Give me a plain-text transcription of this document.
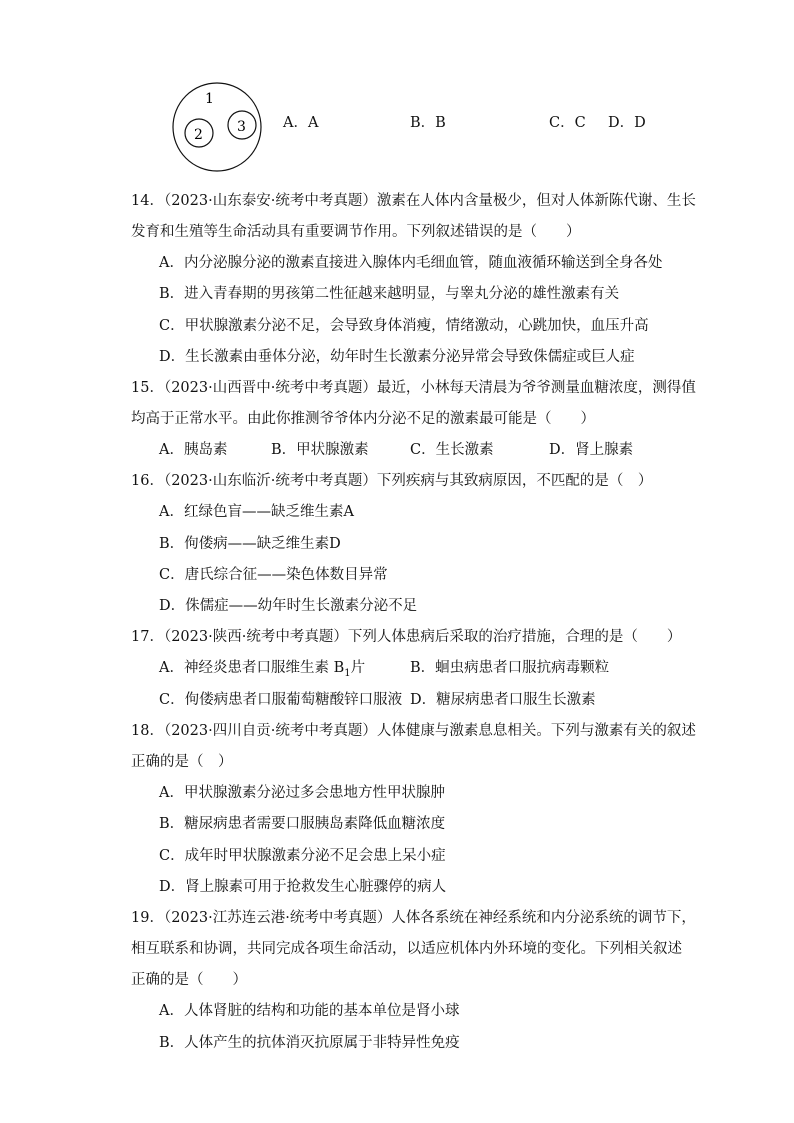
1
2 3	A．A	B．B	C．C D．D
14．（2023·山东泰安·统考中考真题）激素在人体内含量极少，但对人体新陈代谢、生长
发育和生殖等生命活动具有重要调节作用。下列叙述错误的是（　　）
A．内分泌腺分泌的激素直接进入腺体内毛细血管，随血液循环输送到全身各处
B．进入青春期的男孩第二性征越来越明显，与睾丸分泌的雄性激素有关
C．甲状腺激素分泌不足，会导致身体消瘦，情绪激动，心跳加快，血压升高
D．生长激素由垂体分泌，幼年时生长激素分泌异常会导致侏儒症或巨人症
15．（2023·山西晋中·统考中考真题）最近，小林每天清晨为爷爷测量血糖浓度，测得值
均高于正常水平。由此你推测爷爷体内分泌不足的激素最可能是（　　）
A．胰岛素	B．甲状腺激素	C．生长激素	D．肾上腺素
16．（2023·山东临沂·统考中考真题）下列疾病与其致病原因，不匹配的是（　）
A．红绿色盲——缺乏维生素A
B．佝偻病——缺乏维生素D
C．唐氏综合征——染色体数目异常
D．侏儒症——幼年时生长激素分泌不足
17．（2023·陕西·统考中考真题）下列人体患病后采取的治疗措施，合理的是（　　）
A．神经炎患者口服维生素 $B_1$片	B．蛔虫病患者口服抗病毒颗粒
C．佝偻病患者口服葡萄糖酸锌口服液 D．糖尿病患者口服生长激素
18．（2023·四川自贡·统考中考真题）人体健康与激素息息相关。下列与激素有关的叙述
正确的是（　）
A．甲状腺激素分泌过多会患地方性甲状腺肿
B．糖尿病患者需要口服胰岛素降低血糖浓度
C．成年时甲状腺激素分泌不足会患上呆小症
D．肾上腺素可用于抢救发生心脏骤停的病人
19．（2023·江苏连云港·统考中考真题）人体各系统在神经系统和内分泌系统的调节下，
相互联系和协调，共同完成各项生命活动，以适应机体内外环境的变化。下列相关叙述
正确的是（　　）
A．人体肾脏的结构和功能的基本单位是肾小球
B．人体产生的抗体消灭抗原属于非特异性免疫
